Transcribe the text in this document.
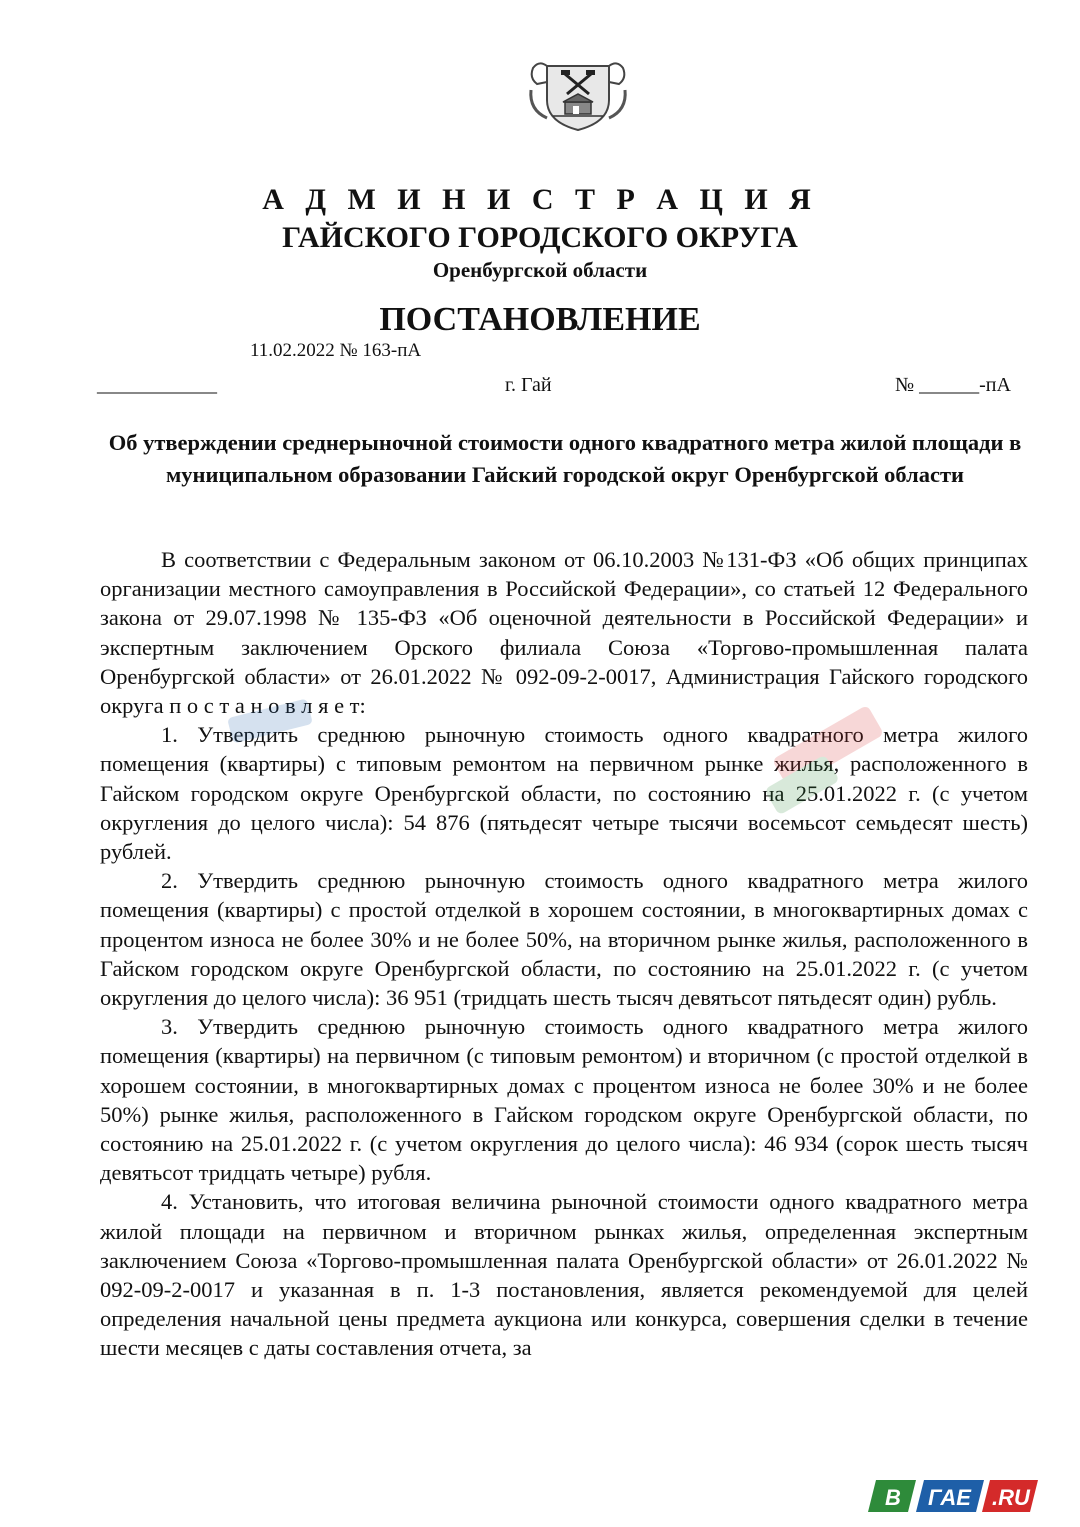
А Д М И Н И С Т Р А Ц И Я
ГАЙСКОГО ГОРОДСКОГО ОКРУГА
Оренбургской области
ПОСТАНОВЛЕНИЕ
11.02.2022 № 163-пА
____________	г. Гай	№ ______-пА
Об утверждении среднерыночной стоимости одного квадратного метра жилой площади в муниципальном образовании Гайский городской округ Оренбургской области

В соответствии с Федеральным законом от 06.10.2003 №131-ФЗ «Об общих принципах организации местного самоуправления в Российской Федерации», со статьей 12 Федерального закона от 29.07.1998 № 135-ФЗ «Об оценочной деятельности в Российской Федерации» и экспертным заключением Орского филиала Союза «Торгово-промышленная палата Оренбургской области» от 26.01.2022 № 092-09-2-0017, Администрация Гайского городского округа п о с т а н о в л я е т:

1. Утвердить среднюю рыночную стоимость одного квадратного метра жилого помещения (квартиры) с типовым ремонтом на первичном рынке жилья, расположенного в Гайском городском округе Оренбургской области, по состоянию на 25.01.2022 г. (с учетом округления до целого числа): 54 876 (пятьдесят четыре тысячи восемьсот семьдесят шесть) рублей.

2. Утвердить среднюю рыночную стоимость одного квадратного метра жилого помещения (квартиры) с простой отделкой в хорошем состоянии, в многоквартирных домах с процентом износа не более 30% и не более 50%, на вторичном рынке жилья, расположенного в Гайском городском округе Оренбургской области, по состоянию на 25.01.2022 г. (с учетом округления до целого числа): 36 951 (тридцать шесть тысяч девятьсот пятьдесят один) рубль.

3. Утвердить среднюю рыночную стоимость одного квадратного метра жилого помещения (квартиры) на первичном (с типовым ремонтом) и вторичном (с простой отделкой в хорошем состоянии, в многоквартирных домах с процентом износа не более 30% и не более 50%) рынке жилья, расположенного в Гайском городском округе Оренбургской области, по состоянию на 25.01.2022 г. (с учетом округления до целого числа): 46 934 (сорок шесть тысяч девятьсот тридцать четыре) рубля.

4. Установить, что итоговая величина рыночной стоимости одного квадратного метра жилой площади на первичном и вторичном рынках жилья, определенная экспертным заключением Союза «Торгово-промышленная палата Оренбургской области» от 26.01.2022 № 092-09-2-0017 и указанная в п. 1-3 постановления, является рекомендуемой для целей определения начальной цены предмета аукциона или конкурса, совершения сделки в течение шести месяцев с даты составления отчета, за

В ГАЕ .RU
